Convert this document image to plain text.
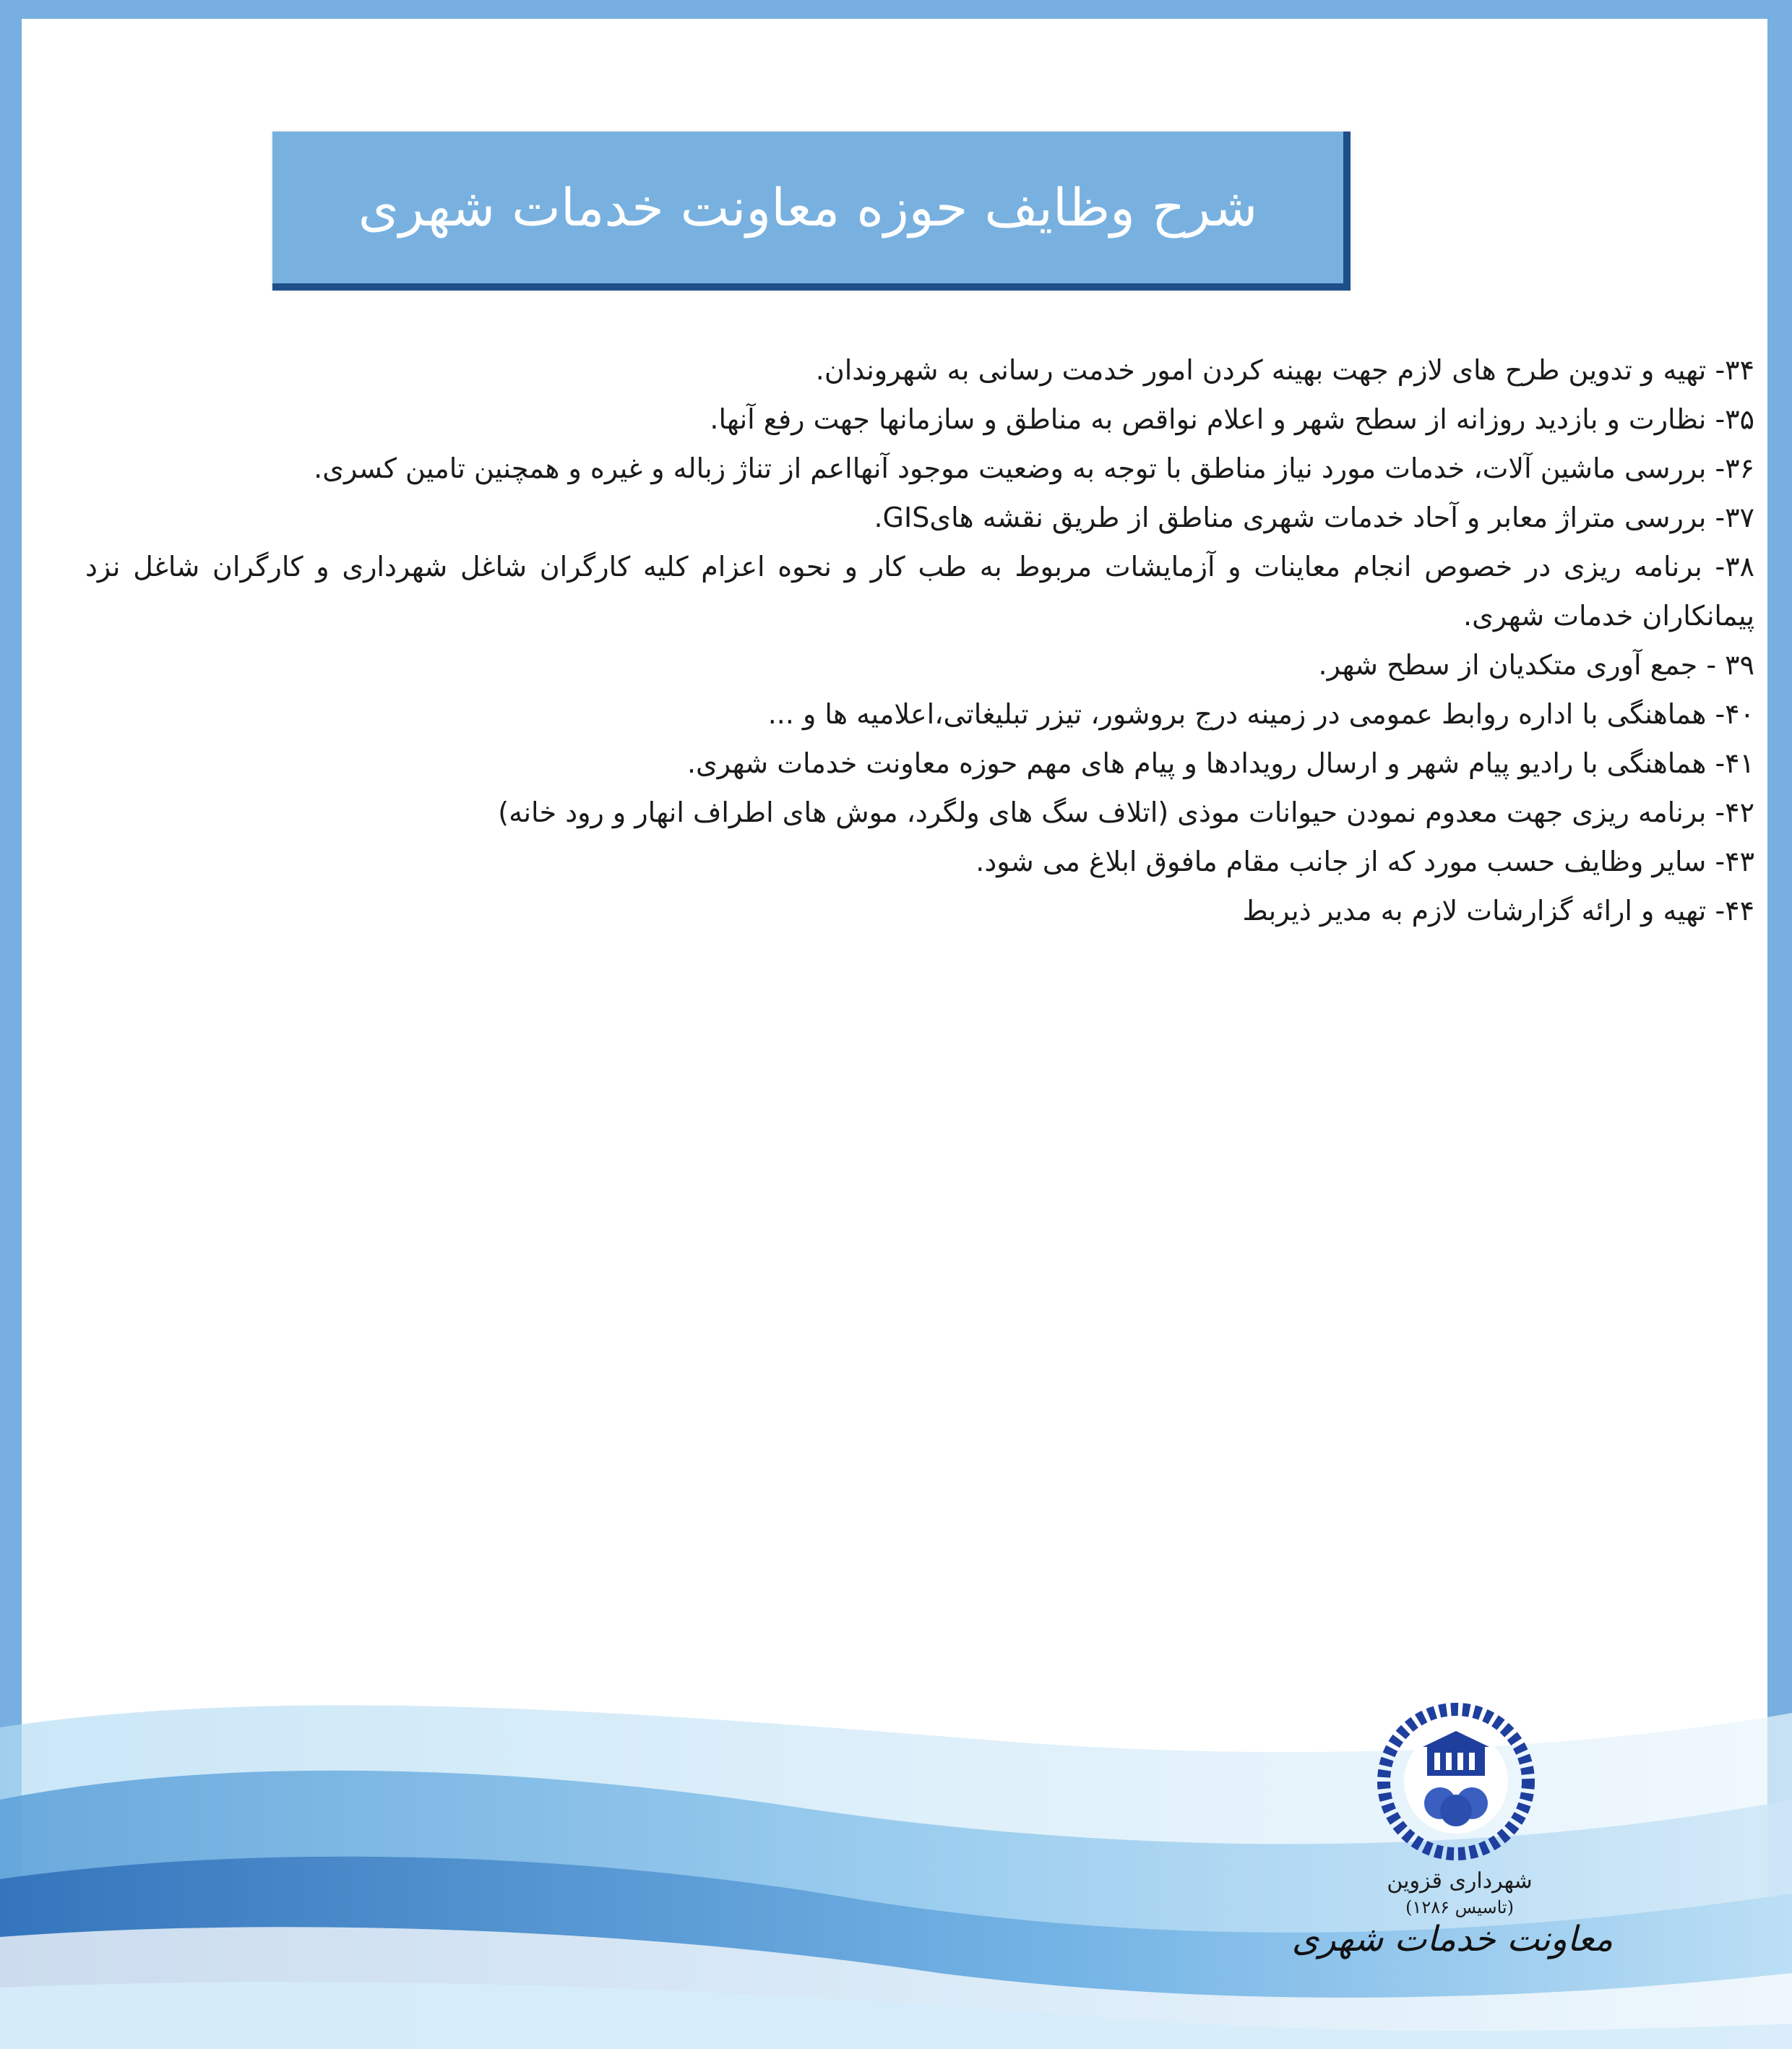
شرح وظایف حوزه معاونت خدمات شهری
۳۴- تهیه و تدوین طرح های لازم جهت بهینه کردن امور خدمت رسانی به شهروندان.
۳۵- نظارت و بازدید روزانه از سطح شهر و اعلام نواقص به مناطق و سازمانها جهت رفع آنها.
۳۶- بررسی ماشین آلات، خدمات مورد نیاز مناطق با توجه به وضعیت موجود آنهااعم از تناژ زباله و غیره و همچنین تامین کسری.
۳۷- بررسی متراژ معابر و آحاد خدمات شهری مناطق از طریق نقشه هایGIS.
۳۸- برنامه ریزی در خصوص انجام معاینات و آزمایشات مربوط به طب کار و نحوه اعزام کلیه کارگران شاغل شهرداری و کارگران شاغل نزد پیمانکاران خدمات شهری.
۳۹ - جمع آوری متکدیان از سطح شهر.
۴۰- هماهنگی با اداره روابط عمومی در زمینه درج بروشور، تیزر تبلیغاتی،اعلامیه ها و ...
۴۱- هماهنگی با رادیو پیام شهر و ارسال رویدادها و پیام های مهم حوزه معاونت خدمات شهری.
۴۲- برنامه ریزی جهت معدوم نمودن حیوانات موذی (اتلاف سگ های ولگرد، موش های اطراف انهار و رود خانه)
۴۳- سایر وظایف حسب مورد که از جانب مقام مافوق ابلاغ می شود.
۴۴- تهیه و ارائه گزارشات لازم به مدیر ذیربط
شهرداری قزوین
(تاسیس ۱۲۸۶)
معاونت خدمات شهری
